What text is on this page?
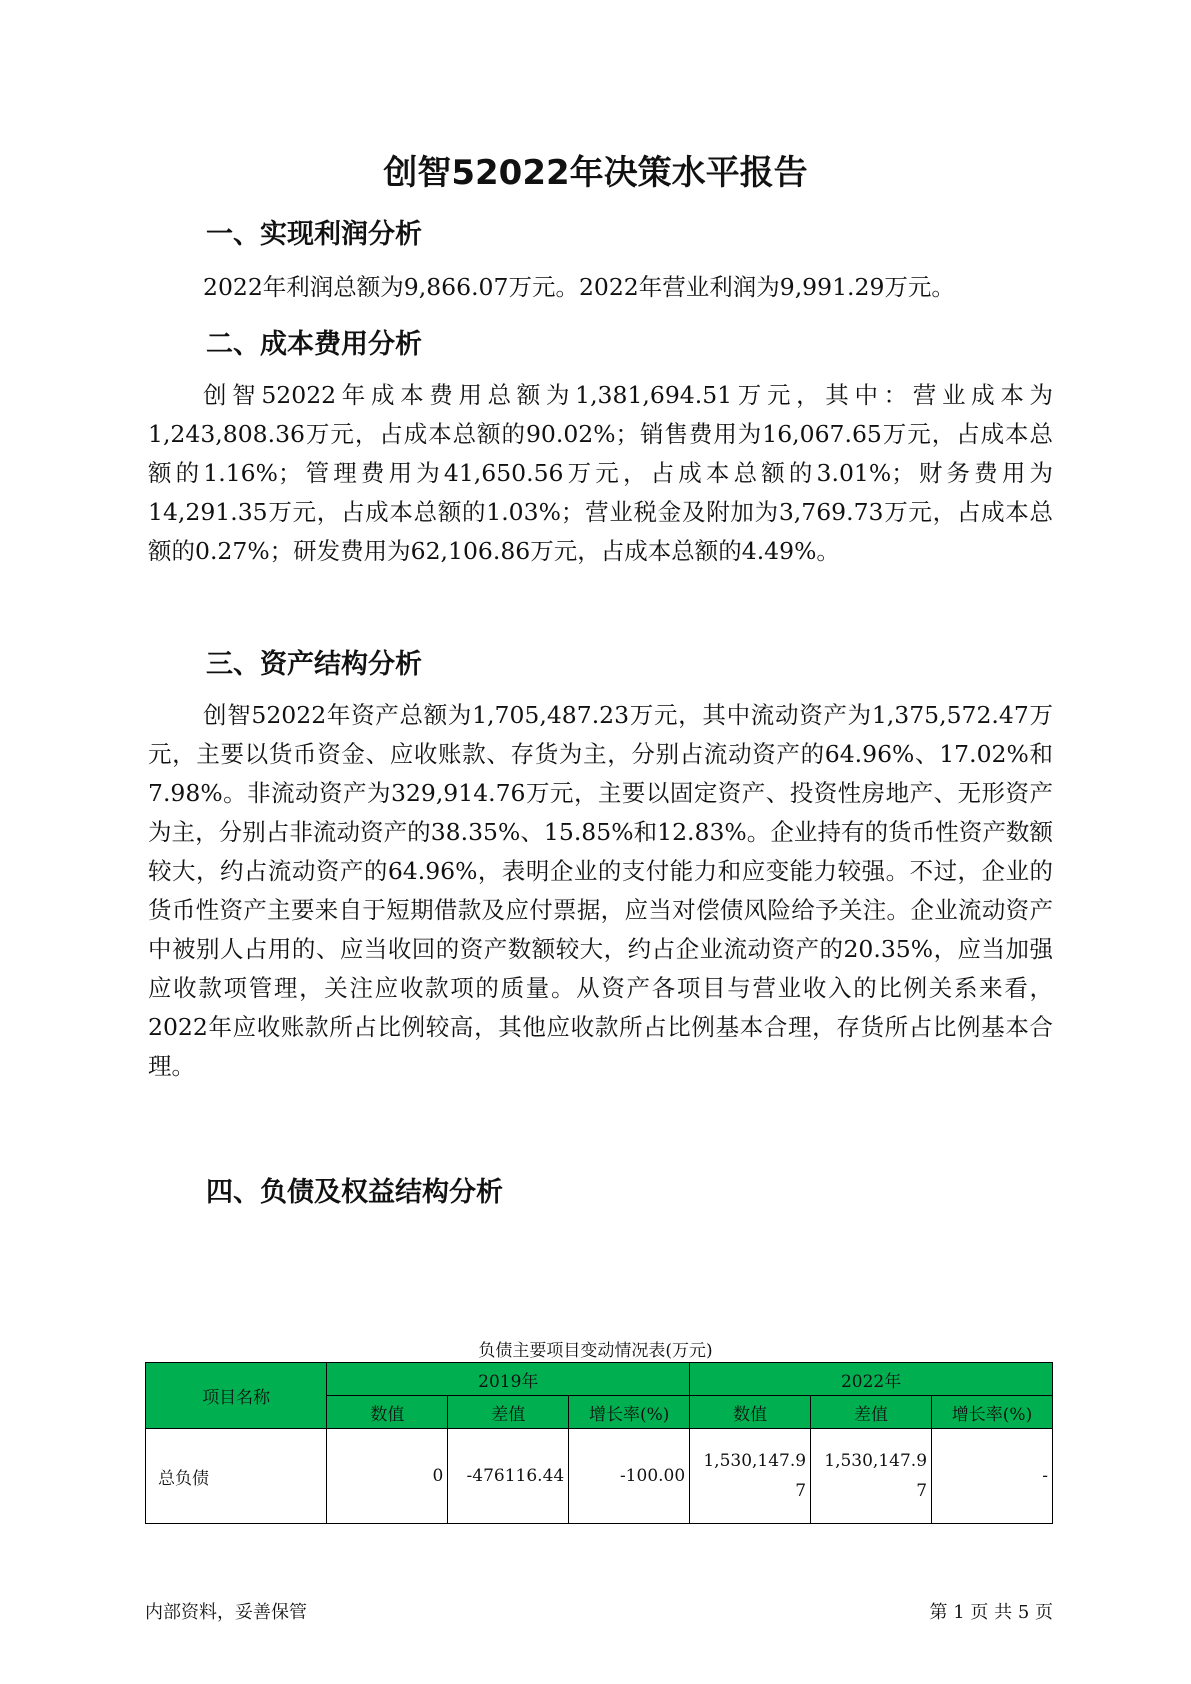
创智52022年决策水平报告
一、实现利润分析

2022年利润总额为9,866.07万元。2022年营业利润为9,991.29万元。

二、成本费用分析

创智52022年成本费用总额为1,381,694.51万元，其中：营业成本为1,243,808.36万元，占成本总额的90.02%；销售费用为16,067.65万元，占成本总额的1.16%；管理费用为41,650.56万元，占成本总额的3.01%；财务费用为14,291.35万元，占成本总额的1.03%；营业税金及附加为3,769.73万元，占成本总额的0.27%；研发费用为62,106.86万元，占成本总额的4.49%。

三、资产结构分析

创智52022年资产总额为1,705,487.23万元，其中流动资产为1,375,572.47万元，主要以货币资金、应收账款、存货为主，分别占流动资产的64.96%、17.02%和7.98%。非流动资产为329,914.76万元，主要以固定资产、投资性房地产、无形资产为主，分别占非流动资产的38.35%、15.85%和12.83%。企业持有的货币性资产数额较大，约占流动资产的64.96%，表明企业的支付能力和应变能力较强。不过，企业的货币性资产主要来自于短期借款及应付票据，应当对偿债风险给予关注。企业流动资产中被别人占用的、应当收回的资产数额较大，约占企业流动资产的20.35%，应当加强应收款项管理，关注应收款项的质量。从资产各项目与营业收入的比例关系来看，2022年应收账款所占比例较高，其他应收款所占比例基本合理，存货所占比例基本合理。

四、负债及权益结构分析
负债主要项目变动情况表(万元)
项目名称	2019年			2022年		
	数值	差值	增长率(%)	数值	差值	增长率(%)
总负债	0	-476116.44	-100.00	1,530,147.97	1,530,147.97	-
内部资料，妥善保管	第 1 页 共 5 页
